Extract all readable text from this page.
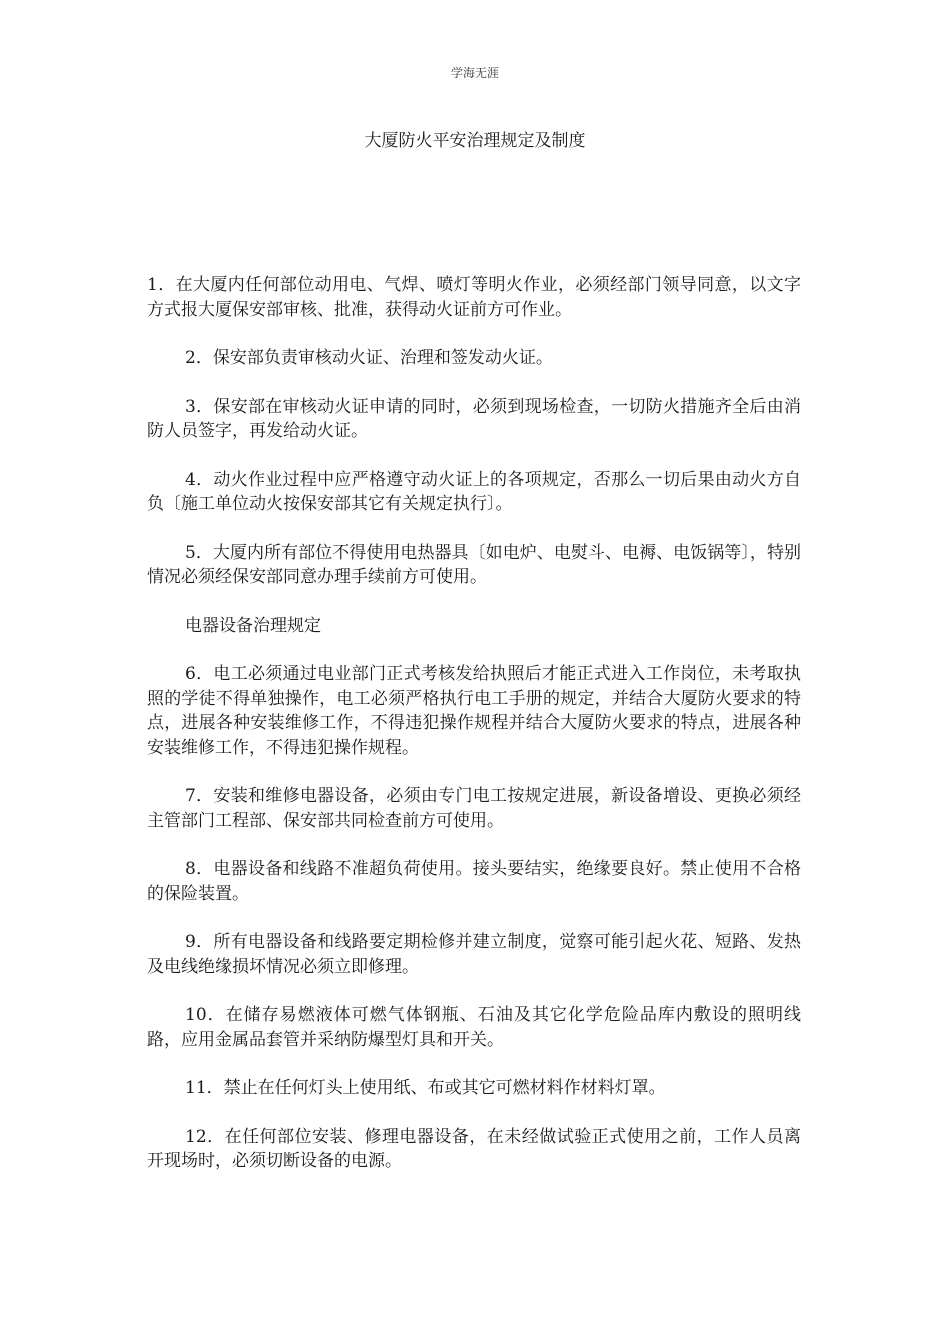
学海无涯
大厦防火平安治理规定及制度

1．在大厦内任何部位动用电、气焊、喷灯等明火作业，必须经部门领导同意，以文字方式报大厦保安部审核、批准，获得动火证前方可作业。

2．保安部负责审核动火证、治理和签发动火证。

3．保安部在审核动火证申请的同时，必须到现场检查，一切防火措施齐全后由消防人员签字，再发给动火证。

4．动火作业过程中应严格遵守动火证上的各项规定，否那么一切后果由动火方自负〔施工单位动火按保安部其它有关规定执行〕。

5．大厦内所有部位不得使用电热器具〔如电炉、电熨斗、电褥、电饭锅等〕，特别情况必须经保安部同意办理手续前方可使用。

电器设备治理规定

6．电工必须通过电业部门正式考核发给执照后才能正式进入工作岗位，未考取执照的学徒不得单独操作，电工必须严格执行电工手册的规定，并结合大厦防火要求的特点，进展各种安装维修工作，不得违犯操作规程并结合大厦防火要求的特点，进展各种安装维修工作，不得违犯操作规程。

7．安装和维修电器设备，必须由专门电工按规定进展，新设备增设、更换必须经主管部门工程部、保安部共同检查前方可使用。

8．电器设备和线路不准超负荷使用。接头要结实，绝缘要良好。禁止使用不合格的保险装置。

9．所有电器设备和线路要定期检修并建立制度，觉察可能引起火花、短路、发热及电线绝缘损坏情况必须立即修理。

10．在储存易燃液体可燃气体钢瓶、石油及其它化学危险品库内敷设的照明线路，应用金属品套管并采纳防爆型灯具和开关。

11．禁止在任何灯头上使用纸、布或其它可燃材料作材料灯罩。

12．在任何部位安装、修理电器设备，在未经做试验正式使用之前，工作人员离开现场时，必须切断设备的电源。
